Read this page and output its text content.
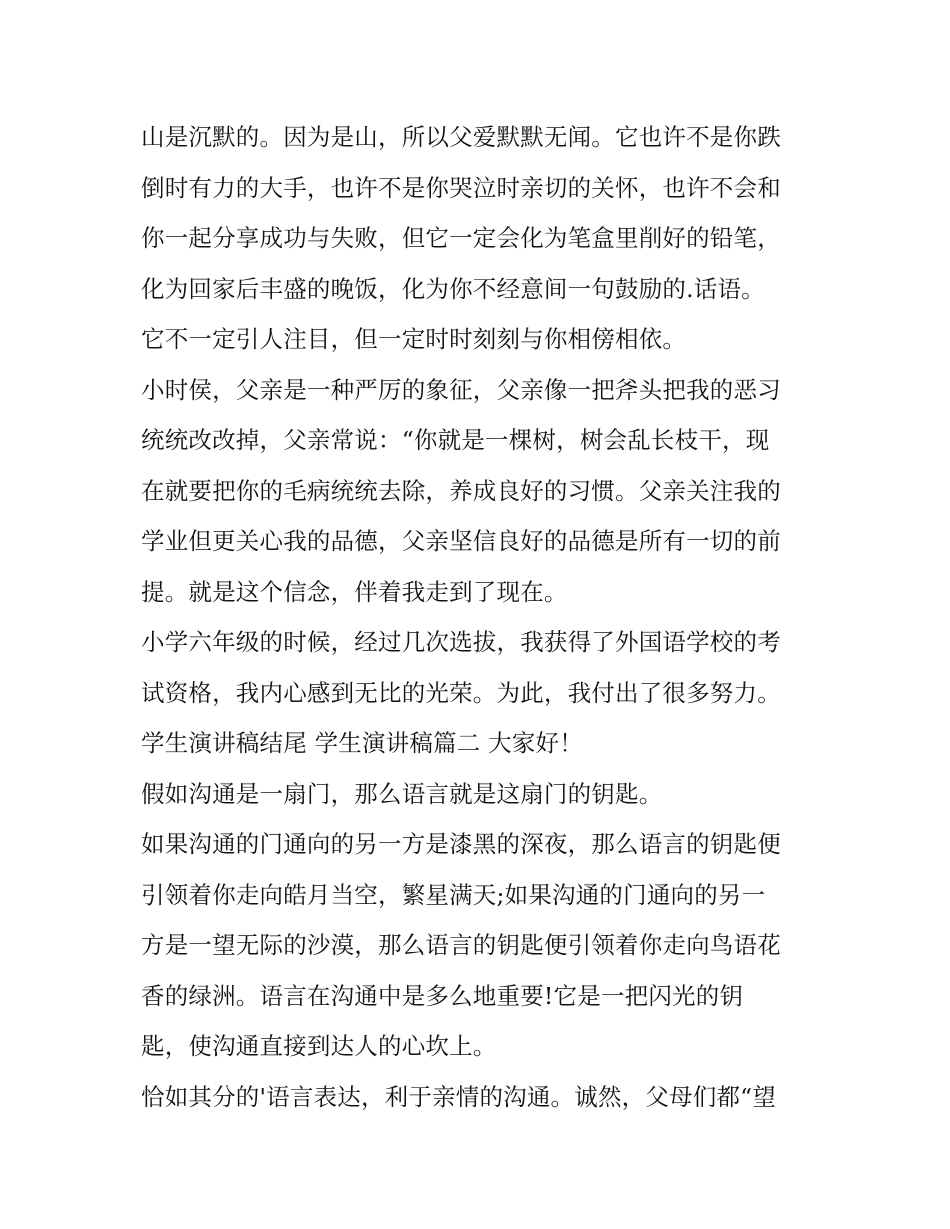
山是沉默的。因为是山，所以父爱默默无闻。它也许不是你跌
倒时有力的大手，也许不是你哭泣时亲切的关怀，也许不会和
你一起分享成功与失败，但它一定会化为笔盒里削好的铅笔，
化为回家后丰盛的晚饭，化为你不经意间一句鼓励的.话语。
它不一定引人注目，但一定时时刻刻与你相傍相依。
小时侯，父亲是一种严厉的象征，父亲像一把斧头把我的恶习
统统改改掉，父亲常说：“你就是一棵树，树会乱长枝干，现
在就要把你的毛病统统去除，养成良好的习惯。父亲关注我的
学业但更关心我的品德，父亲坚信良好的品德是所有一切的前
提。就是这个信念，伴着我走到了现在。
小学六年级的时候，经过几次选拔，我获得了外国语学校的考
试资格，我内心感到无比的光荣。为此，我付出了很多努力。
学生演讲稿结尾 学生演讲稿篇二 大家好！
假如沟通是一扇门，那么语言就是这扇门的钥匙。
如果沟通的门通向的另一方是漆黑的深夜，那么语言的钥匙便
引领着你走向皓月当空，繁星满天;如果沟通的门通向的另一
方是一望无际的沙漠，那么语言的钥匙便引领着你走向鸟语花
香的绿洲。语言在沟通中是多么地重要!它是一把闪光的钥
匙，使沟通直接到达人的心坎上。
恰如其分的'语言表达，利于亲情的沟通。诚然，父母们都“望
